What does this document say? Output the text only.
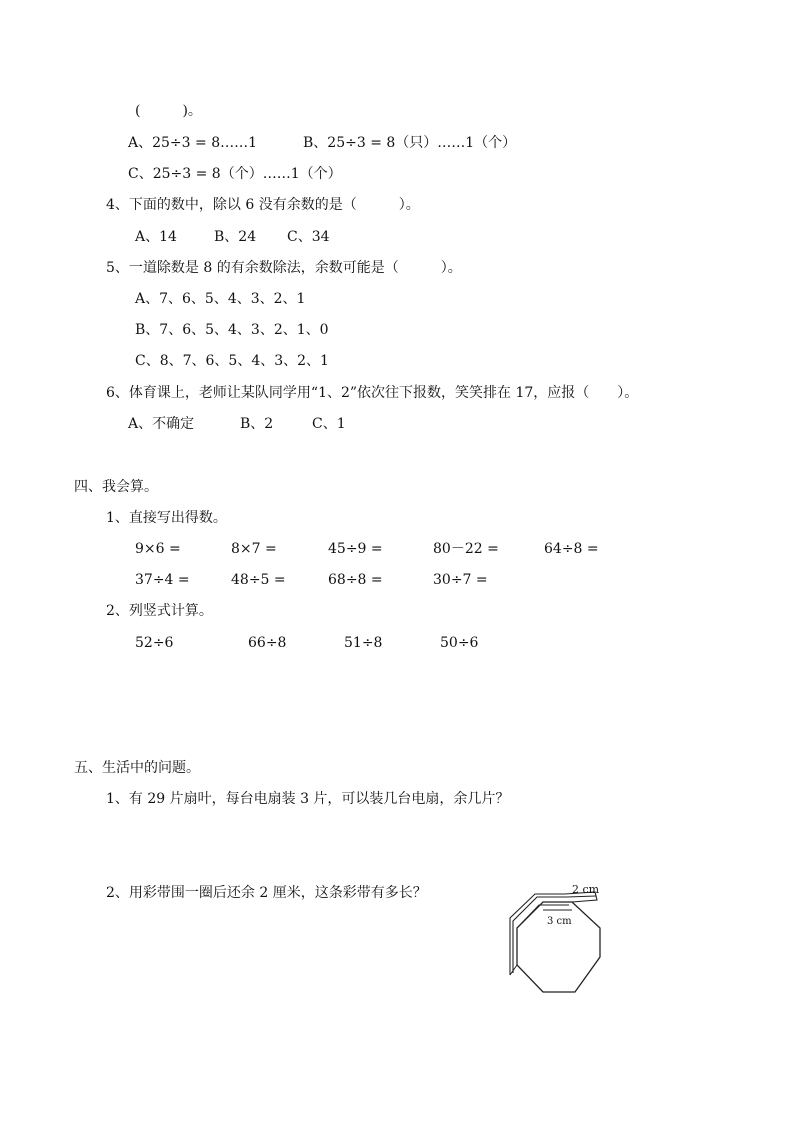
(　　　)。
A、25÷3 = 8……1	B、25÷3 = 8（只）……1（个）
C、25÷3 = 8（个）……1（个）
4、下面的数中，除以 6 没有余数的是（　　　）。
A、14	B、24 C、34
5、一道除数是 8 的有余数除法，余数可能是（　　　）。
A、7、6、5、4、3、2、1
B、7、6、5、4、3、2、1、0
C、8、7、6、5、4、3、2、1
6、体育课上，老师让某队同学用“1、2”依次往下报数，笑笑排在 17，应报（　　）。
A、不确定	B、2	C、1
四、我会算。
1、直接写出得数。
9×6 =	8×7 =	45÷9 =	80－22 =	64÷8 =
37÷4 =	48÷5 =	68÷8 =	30÷7 =
2、列竖式计算。
52÷6	66÷8	51÷8	50÷6
五、生活中的问题。
1、有 29 片扇叶，每台电扇装 3 片，可以装几台电扇，余几片？
2、用彩带围一圈后还余 2 厘米，这条彩带有多长？	2 cm
3 cm
